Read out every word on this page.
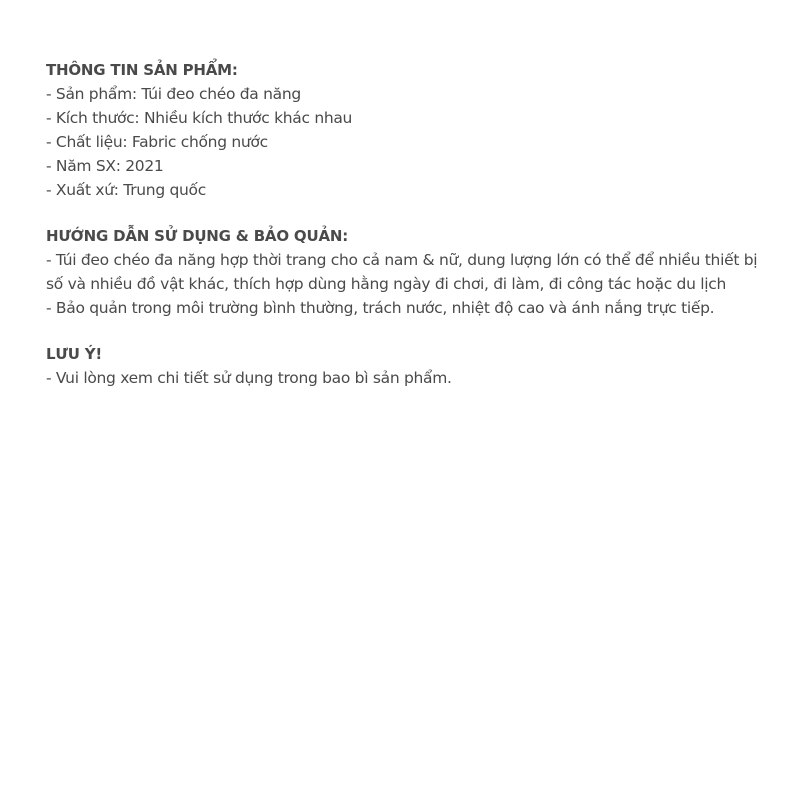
THÔNG TIN SẢN PHẨM:

- Sản phẩm: Túi đeo chéo đa năng

- Kích thước: Nhiều kích thước khác nhau

- Chất liệu: Fabric chống nước

- Năm SX: 2021

- Xuất xứ: Trung quốc

HƯỚNG DẪN SỬ DỤNG & BẢO QUẢN:

- Túi đeo chéo đa năng hợp thời trang cho cả nam & nữ, dung lượng lớn có thể để nhiều thiết bị

số và nhiều đồ vật khác, thích hợp dùng hằng ngày đi chơi, đi làm, đi công tác hoặc du lịch

- Bảo quản trong môi trường bình thường, trách nước, nhiệt độ cao và ánh nắng trực tiếp.

LƯU Ý!

- Vui lòng xem chi tiết sử dụng trong bao bì sản phẩm.
